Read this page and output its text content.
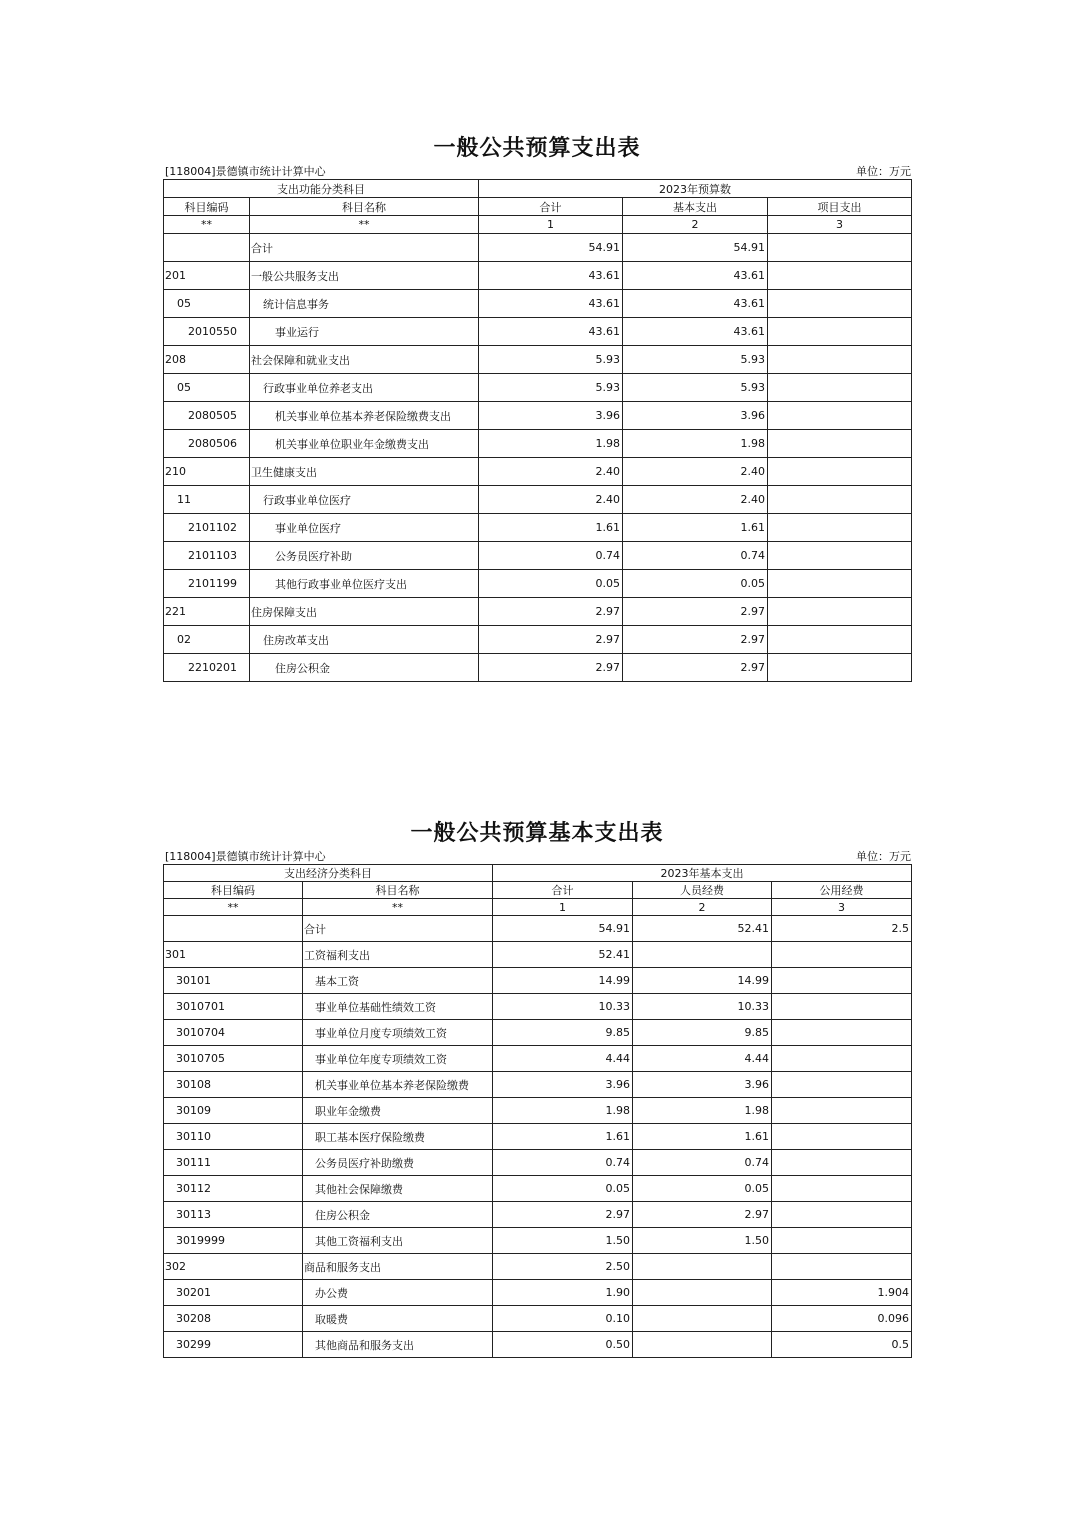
一般公共预算支出表
[118004]景德镇市统计计算中心	单位：万元
支出功能分类科目		2023年预算数		
科目编码	科目名称	合计	基本支出	项目支出
**	**	1	2	3
	合计	54.91	54.91	
201	一般公共服务支出	43.61	43.61	
05	统计信息事务	43.61	43.61	
2010550	事业运行	43.61	43.61	
208	社会保障和就业支出	5.93	5.93	
05	行政事业单位养老支出	5.93	5.93	
2080505	机关事业单位基本养老保险缴费支出	3.96	3.96	
2080506	机关事业单位职业年金缴费支出	1.98	1.98	
210	卫生健康支出	2.40	2.40	
11	行政事业单位医疗	2.40	2.40	
2101102	事业单位医疗	1.61	1.61	
2101103	公务员医疗补助	0.74	0.74	
2101199	其他行政事业单位医疗支出	0.05	0.05	
221	住房保障支出	2.97	2.97	
02	住房改革支出	2.97	2.97	
2210201	住房公积金	2.97	2.97	
一般公共预算基本支出表
[118004]景德镇市统计计算中心	单位：万元
支出经济分类科目		2023年基本支出		
科目编码	科目名称	合计	人员经费	公用经费
**	**	1	2	3
	合计	54.91	52.41	2.5
301	工资福利支出	52.41		
30101	基本工资	14.99	14.99	
3010701	事业单位基础性绩效工资	10.33	10.33	
3010704	事业单位月度专项绩效工资	9.85	9.85	
3010705	事业单位年度专项绩效工资	4.44	4.44	
30108	机关事业单位基本养老保险缴费	3.96	3.96	
30109	职业年金缴费	1.98	1.98	
30110	职工基本医疗保险缴费	1.61	1.61	
30111	公务员医疗补助缴费	0.74	0.74	
30112	其他社会保障缴费	0.05	0.05	
30113	住房公积金	2.97	2.97	
3019999	其他工资福利支出	1.50	1.50	
302	商品和服务支出	2.50		
30201	办公费	1.90		1.904
30208	取暖费	0.10		0.096
30299	其他商品和服务支出	0.50		0.5
